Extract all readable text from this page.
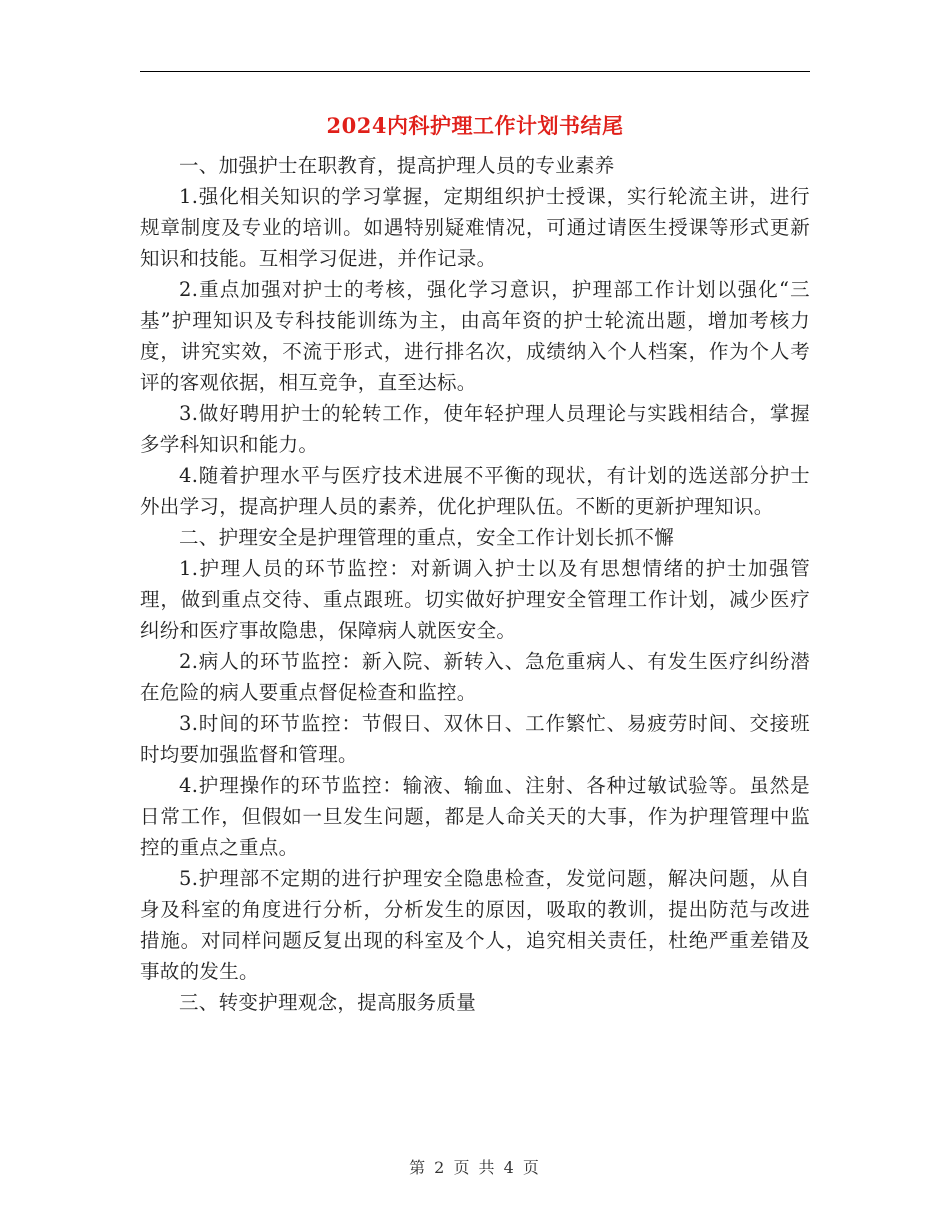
2024内科护理工作计划书结尾

一、加强护士在职教育，提高护理人员的专业素养

1.强化相关知识的学习掌握，定期组织护士授课，实行轮流主讲，进行规章制度及专业的培训。如遇特别疑难情况，可通过请医生授课等形式更新知识和技能。互相学习促进，并作记录。

2.重点加强对护士的考核，强化学习意识，护理部工作计划以强化“三基”护理知识及专科技能训练为主，由高年资的护士轮流出题，增加考核力度，讲究实效，不流于形式，进行排名次，成绩纳入个人档案，作为个人考评的客观依据，相互竞争，直至达标。

3.做好聘用护士的轮转工作，使年轻护理人员理论与实践相结合，掌握多学科知识和能力。

4.随着护理水平与医疗技术进展不平衡的现状，有计划的选送部分护士外出学习，提高护理人员的素养，优化护理队伍。不断的更新护理知识。

二、护理安全是护理管理的重点，安全工作计划长抓不懈

1.护理人员的环节监控：对新调入护士以及有思想情绪的护士加强管理，做到重点交待、重点跟班。切实做好护理安全管理工作计划，减少医疗纠纷和医疗事故隐患，保障病人就医安全。

2.病人的环节监控：新入院、新转入、急危重病人、有发生医疗纠纷潜在危险的病人要重点督促检查和监控。

3.时间的环节监控：节假日、双休日、工作繁忙、易疲劳时间、交接班时均要加强监督和管理。

4.护理操作的环节监控：输液、输血、注射、各种过敏试验等。虽然是日常工作，但假如一旦发生问题，都是人命关天的大事，作为护理管理中监控的重点之重点。

5.护理部不定期的进行护理安全隐患检查，发觉问题，解决问题，从自身及科室的角度进行分析，分析发生的原因，吸取的教训，提出防范与改进措施。对同样问题反复出现的科室及个人，追究相关责任，杜绝严重差错及事故的发生。

三、转变护理观念，提高服务质量

第 2 页 共 4 页
